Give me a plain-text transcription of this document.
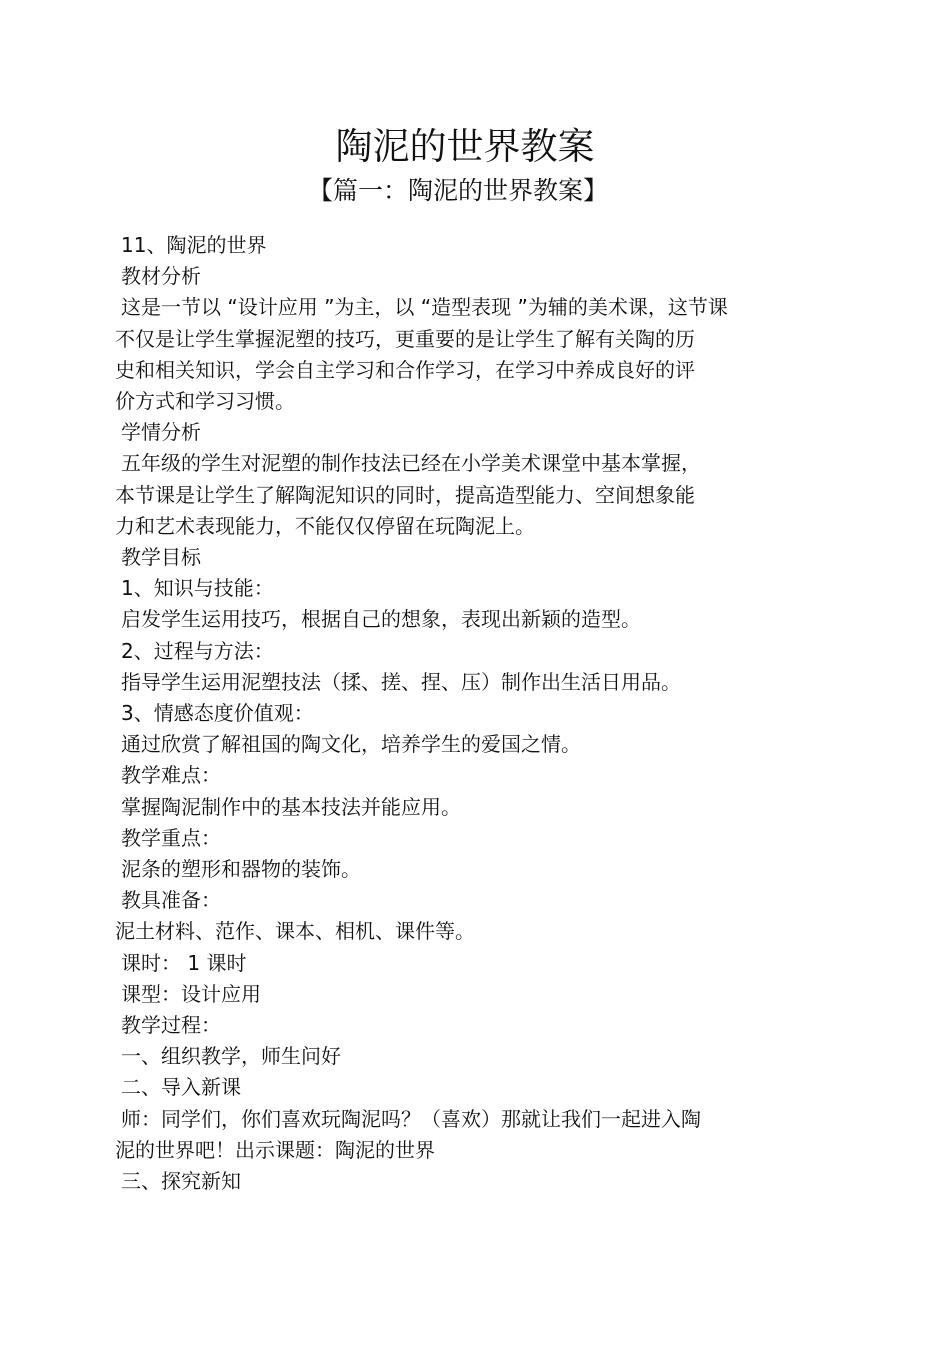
陶泥的世界教案
【篇一：陶泥的世界教案】

11、陶泥的世界

教材分析

这是一节以 “设计应用 ”为主，以 “造型表现 ”为辅的美术课，这节课

不仅是让学生掌握泥塑的技巧，更重要的是让学生了解有关陶的历

史和相关知识，学会自主学习和合作学习，在学习中养成良好的评

价方式和学习习惯。

学情分析

五年级的学生对泥塑的制作技法已经在小学美术课堂中基本掌握，

本节课是让学生了解陶泥知识的同时，提高造型能力、空间想象能

力和艺术表现能力，不能仅仅停留在玩陶泥上。

教学目标

1、知识与技能：

启发学生运用技巧，根据自己的想象，表现出新颖的造型。

2、过程与方法：

指导学生运用泥塑技法（揉、搓、捏、压）制作出生活日用品。

3、情感态度价值观：

通过欣赏了解祖国的陶文化，培养学生的爱国之情。

教学难点：

掌握陶泥制作中的基本技法并能应用。

教学重点：

泥条的塑形和器物的装饰。

教具准备：

泥土材料、范作、课本、相机、课件等。

课时： 1 课时

课型：设计应用

教学过程：

一、组织教学，师生问好

二、导入新课

师：同学们，你们喜欢玩陶泥吗？（喜欢）那就让我们一起进入陶

泥的世界吧！出示课题：陶泥的世界

三、探究新知
